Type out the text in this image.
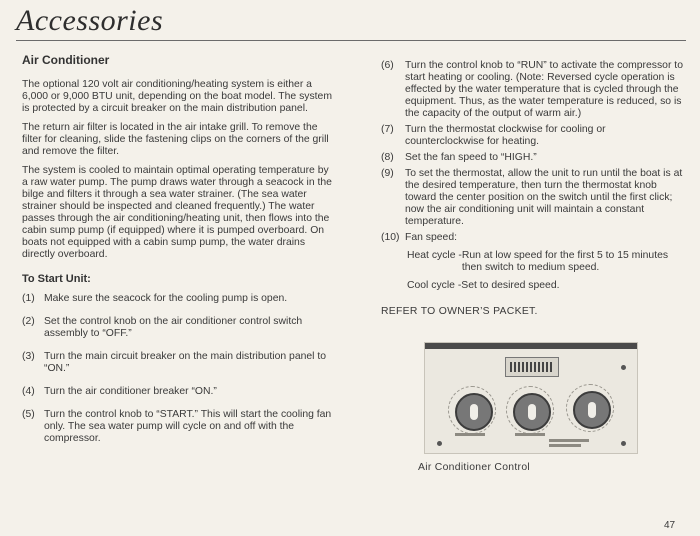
Accessories
Air Conditioner

The optional 120 volt air conditioning/heating system is either a 6,000 or 9,000 BTU unit, depending on the boat model. The system is protected by a circuit breaker on the main distribution panel.

The return air filter is located in the air intake grill. To remove the filter for cleaning, slide the fastening clips on the corners of the grill and remove the filter.

The system is cooled to maintain optimal operating temperature by a raw water pump. The pump draws water through a seacock in the bilge and filters it through a sea water strainer. (The sea water strainer should be inspected and cleaned frequently.) The water passes through the air conditioning/heating unit, then flows into the cabin sump pump (if equipped) where it is pumped overboard. On boats not equipped with a cabin sump pump, the water drains directly overboard.

To Start Unit:
(1) Make sure the seacock for the cooling pump is open.
(2) Set the control knob on the air conditioner control switch assembly to “OFF.”
(3) Turn the main circuit breaker on the main distribution panel to “ON.”
(4) Turn the air conditioner breaker “ON.”
(5) Turn the control knob to “START.” This will start the cooling fan only. The sea water pump will cycle on and off with the compressor.
(6)	Turn the control knob to “RUN” to activate the compressor to start heating or cooling. (Note: Reversed cycle operation is effected by the water temperature that is cycled through the equipment. Thus, as the water temperature is reduced, so is the capacity of the output of warm air.)
(7)	Turn the thermostat clockwise for cooling or counterclockwise for heating.
(8)	Set the fan speed to “HIGH.”
(9)	To set the thermostat, allow the unit to run until the boat is at the desired temperature, then turn the thermostat knob toward the center position on the switch until the first click; now the air conditioning unit will maintain a constant temperature.
(10) Fan speed:
Heat cycle - Run at low speed for the first 5 to 15 minutes then switch to medium speed.
Cool cycle - Set to desired speed.
REFER TO OWNER’S PACKET.
Air Conditioner Control
47
